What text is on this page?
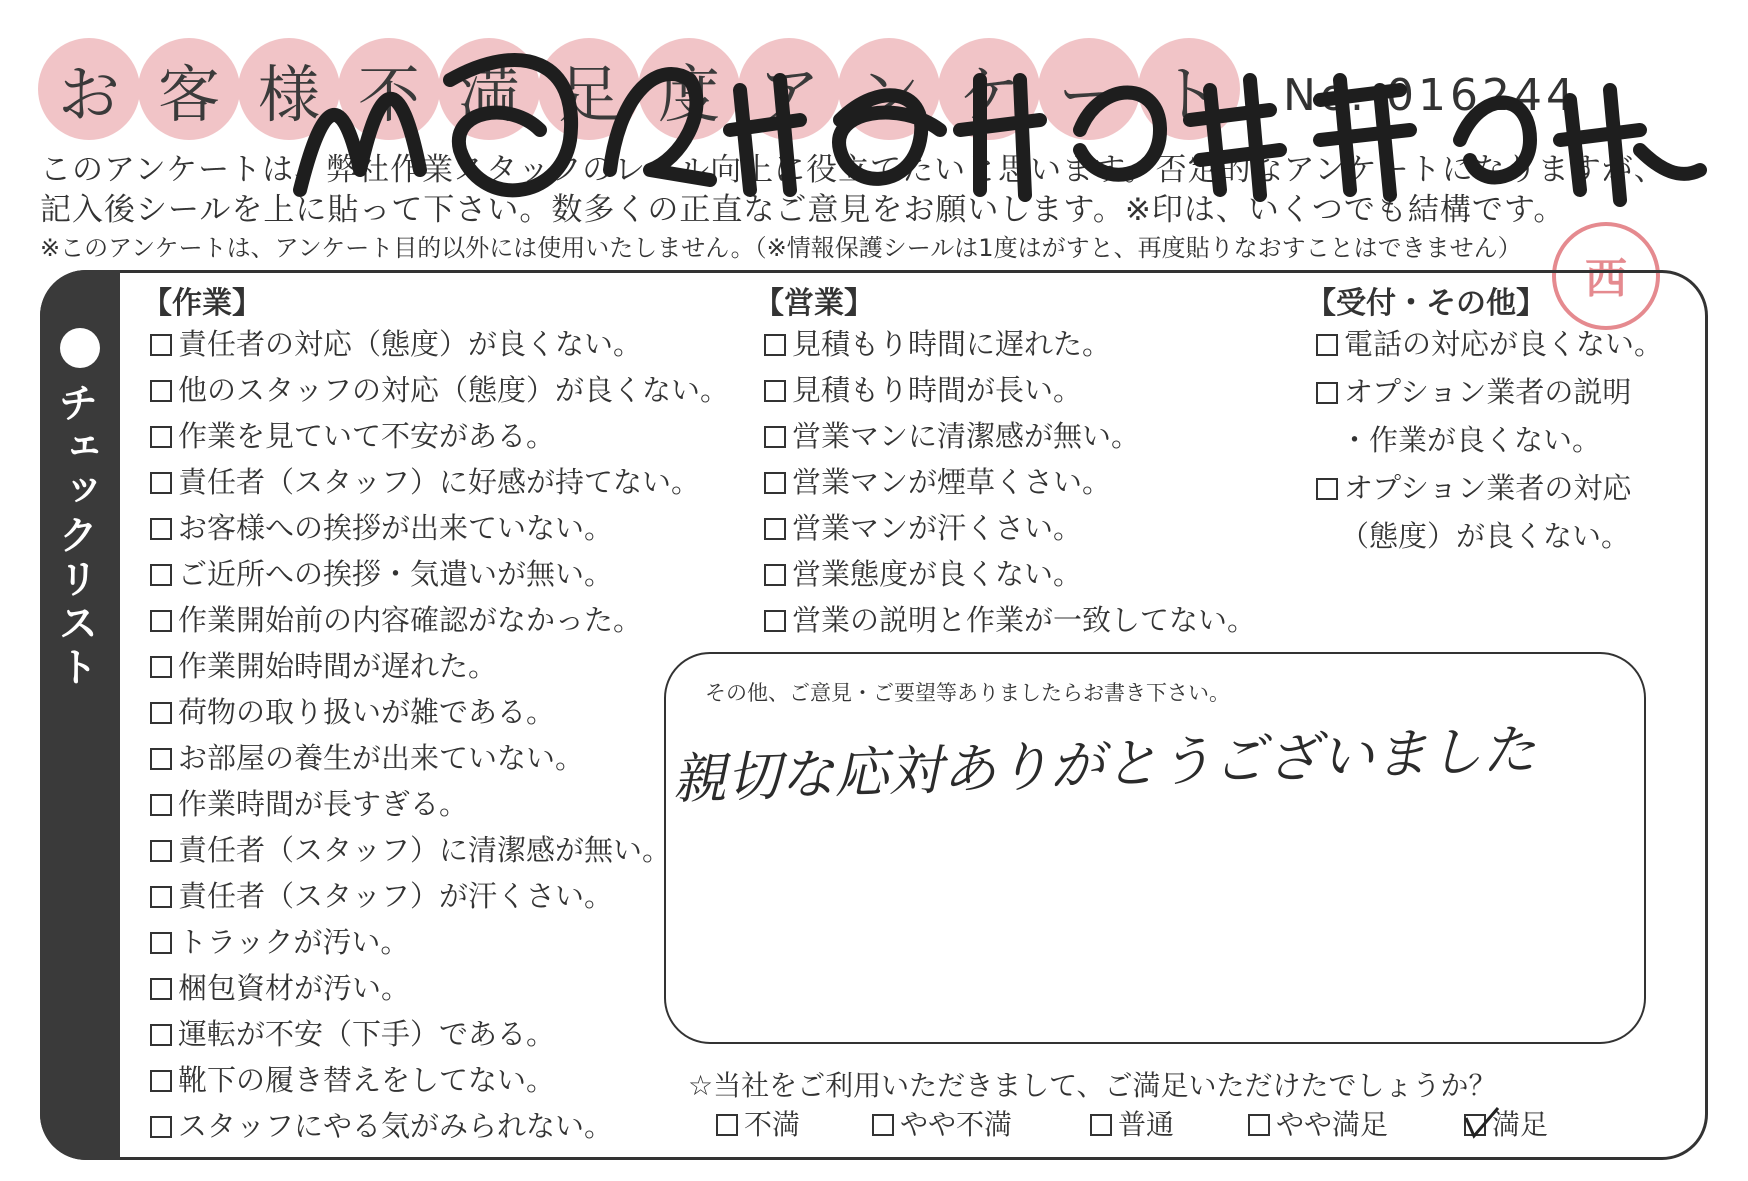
お 客 様 不 満 足 度 ア ン ケ ー ト	No. 016244
このアンケートは、弊社作業スタッフのレベル向上に役立てたいと思います。否定的なアンケートになりますが、
記入後シールを上に貼って下さい。数多くの正直なご意見をお願いします。※印は、いくつでも結構です。
※このアンケートは、アンケート目的以外には使用いたしません。（※情報保護シールは1度はがすと、再度貼りなおすことはできません）
西
チェックリスト
【作業】
責任者の対応（態度）が良くない。
他のスタッフの対応（態度）が良くない。
作業を見ていて不安がある。
責任者（スタッフ）に好感が持てない。
お客様への挨拶が出来ていない。
ご近所への挨拶・気遣いが無い。
作業開始前の内容確認がなかった。
作業開始時間が遅れた。
荷物の取り扱いが雑である。
お部屋の養生が出来ていない。
作業時間が長すぎる。
責任者（スタッフ）に清潔感が無い。
責任者（スタッフ）が汗くさい。
トラックが汚い。
梱包資材が汚い。
運転が不安（下手）である。
靴下の履き替えをしてない。
スタッフにやる気がみられない。
【営業】
見積もり時間に遅れた。
見積もり時間が長い。
営業マンに清潔感が無い。
営業マンが煙草くさい。
営業マンが汗くさい。
営業態度が良くない。
営業の説明と作業が一致してない。
【受付・その他】
電話の対応が良くない。
オプション業者の説明
・作業が良くない。
オプション業者の対応
（態度）が良くない。
その他、ご意見・ご要望等ありましたらお書き下さい。
親切な応対ありがとうございました
☆当社をご利用いただきまして、ご満足いただけたでしょうか？
不満	やや不満	普通	やや満足	満足
